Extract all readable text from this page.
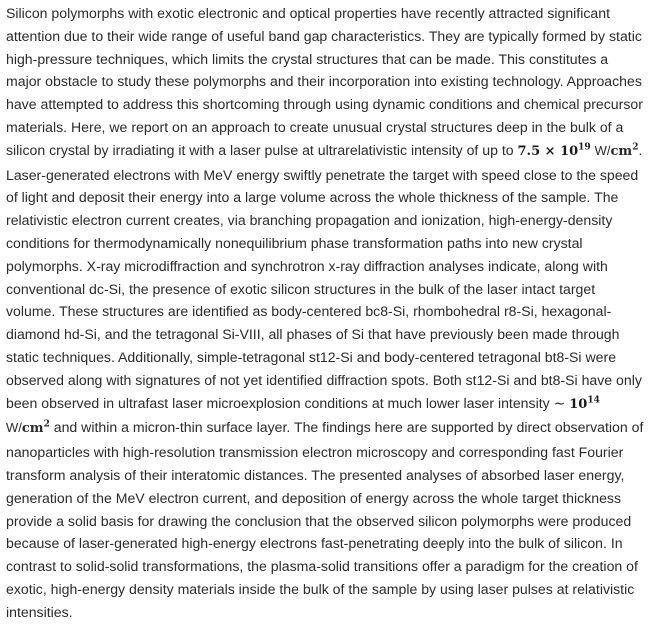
Silicon polymorphs with exotic electronic and optical properties have recently attracted significant attention due to their wide range of useful band gap characteristics. They are typically formed by static high-pressure techniques, which limits the crystal structures that can be made. This constitutes a major obstacle to study these polymorphs and their incorporation into existing technology. Approaches have attempted to address this shortcoming through using dynamic conditions and chemical precursor materials. Here, we report on an approach to create unusual crystal structures deep in the bulk of a silicon crystal by irradiating it with a laser pulse at ultrarelativistic intensity of up to $7.5 \times 10^{19}$ $W/cm^2$. Laser-generated electrons with MeV energy swiftly penetrate the target with speed close to the speed of light and deposit their energy into a large volume across the whole thickness of the sample. The relativistic electron current creates, via branching propagation and ionization, high-energy-density conditions for thermodynamically nonequilibrium phase transformation paths into new crystal polymorphs. X-ray microdiffraction and synchrotron x-ray diffraction analyses indicate, along with conventional dc-Si, the presence of exotic silicon structures in the bulk of the laser intact target volume. These structures are identified as body-centered bc8-Si, rhombohedral r8-Si, hexagonal-diamond hd-Si, and the tetragonal Si-VIII, all phases of Si that have previously been made through static techniques. Additionally, simple-tetragonal st12-Si and body-centered tetragonal bt8-Si were observed along with signatures of not yet identified diffraction spots. Both st12-Si and bt8-Si have only been observed in ultrafast laser microexplosion conditions at much lower laser intensity ∼ $10^{14}$ $W/cm^2$ and within a micron-thin surface layer. The findings here are supported by direct observation of nanoparticles with high-resolution transmission electron microscopy and corresponding fast Fourier transform analysis of their interatomic distances. The presented analyses of absorbed laser energy, generation of the MeV electron current, and deposition of energy across the whole target thickness provide a solid basis for drawing the conclusion that the observed silicon polymorphs were produced because of laser-generated high-energy electrons fast-penetrating deeply into the bulk of silicon. In contrast to solid-solid transformations, the plasma-solid transitions offer a paradigm for the creation of exotic, high-energy density materials inside the bulk of the sample by using laser pulses at relativistic intensities.
